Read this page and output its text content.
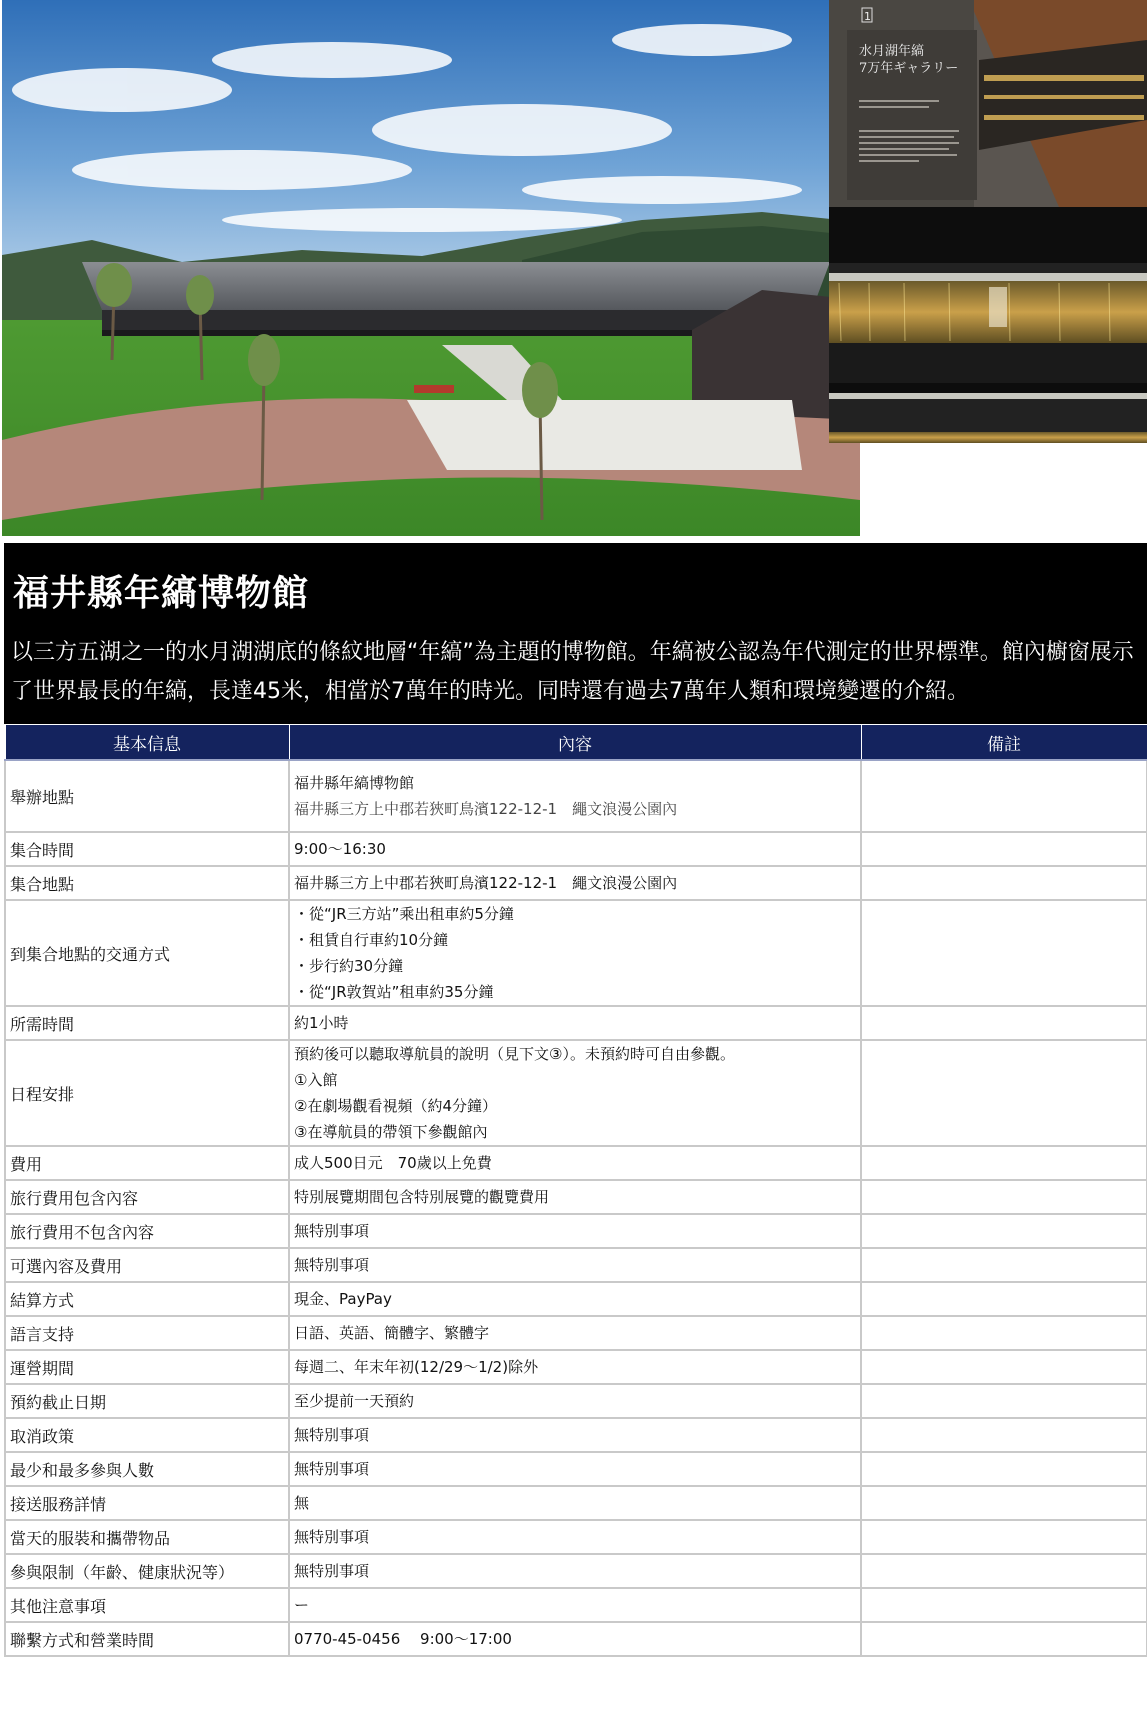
1
水月湖年縞
7万年ギャラリー
福井縣年縞博物館

以三方五湖之一的水月湖湖底的條紋地層“年縞”為主題的博物館。年縞被公認為年代測定的世界標準。館內櫥窗展示了世界最長的年縞，長達45米，相當於7萬年的時光。同時還有過去7萬年人類和環境變遷的介紹。

基本信息	內容	備註
舉辦地點	福井縣年縞博物館
福井縣三方上中郡若狹町鳥濱122-12-1　繩文浪漫公園內	

集合時間	9:00～16:30	

集合地點	福井縣三方上中郡若狹町鳥濱122-12-1　繩文浪漫公園內	

到集合地點的交通方式	・從“JR三方站”乘出租車約5分鐘
・租賃自行車約10分鐘
・步行約30分鐘
・從“JR敦賀站”租車約35分鐘	

所需時間	約1小時	

日程安排	預約後可以聽取導航員的說明（見下文③）。未預約時可自由參觀。
①入館
②在劇場觀看視頻（約4分鐘）
③在導航員的帶領下參觀館內	

費用	成人500日元　70歲以上免費	

旅行費用包含內容	特別展覽期間包含特別展覽的觀覽費用	

旅行費用不包含內容	無特別事項	

可選內容及費用	無特別事項	

結算方式	現金、PayPay	

語言支持	日語、英語、簡體字、繁體字	

運營期間	每週二、年末年初(12/29～1/2)除外	

預約截止日期	至少提前一天預約	

取消政策	無特別事項	

最少和最多參與人數	無特別事項	

接送服務詳情	無	

當天的服裝和攜帶物品	無特別事項	

參與限制（年齡、健康狀況等）	無特別事項	

其他注意事項	ー	

聯繫方式和營業時間	0770-45-0456　 9:00～17:00	
